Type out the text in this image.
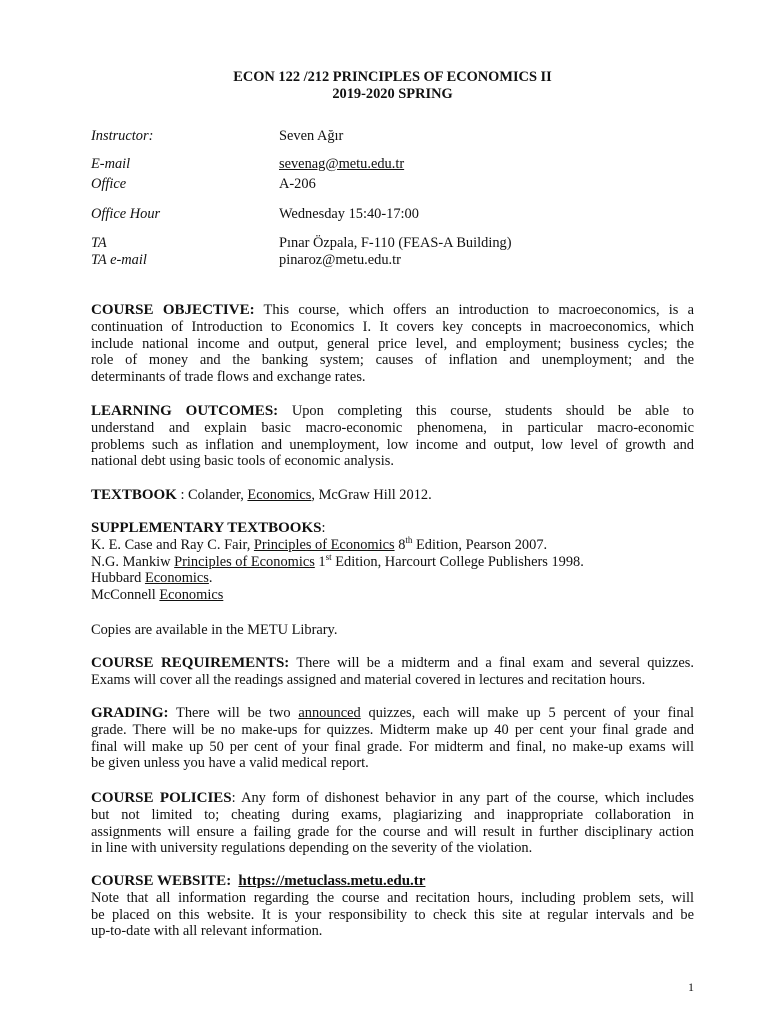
ECON 122 /212 PRINCIPLES OF ECONOMICS II
2019-2020 SPRING
Instructor:	Seven Ağır
E-mail	sevenag@metu.edu.tr
Office	A-206
Office Hour	Wednesday 15:40-17:00
TA	Pınar Özpala, F-110 (FEAS-A Building)
TA e-mail	pinaroz@metu.edu.tr
COURSE OBJECTIVE: This course, which offers an introduction to macroeconomics, is a
continuation of Introduction to Economics I. It covers key concepts in macroeconomics, which
include national income and output, general price level, and employment; business cycles; the
role of money and the banking system; causes of inflation and unemployment; and the
determinants of trade flows and exchange rates.
LEARNING OUTCOMES: Upon completing this course, students should be able to
understand and explain basic macro-economic phenomena, in particular macro-economic
problems such as inflation and unemployment, low income and output, low level of growth and
national debt using basic tools of economic analysis.
TEXTBOOK : Colander, Economics, McGraw Hill 2012.
SUPPLEMENTARY TEXTBOOKS:
K. E. Case and Ray C. Fair, Principles of Economics 8th Edition, Pearson 2007.
N.G. Mankiw Principles of Economics 1st Edition, Harcourt College Publishers 1998.
Hubbard Economics.
McConnell Economics
Copies are available in the METU Library.
COURSE REQUIREMENTS: There will be a midterm and a final exam and several quizzes.
Exams will cover all the readings assigned and material covered in lectures and recitation hours.
GRADING: There will be two announced quizzes, each will make up 5 percent of your final
grade. There will be no make-ups for quizzes. Midterm make up 40 per cent your final grade and
final will make up 50 per cent of your final grade. For midterm and final, no make-up exams will
be given unless you have a valid medical report.
COURSE POLICIES: Any form of dishonest behavior in any part of the course, which includes
but not limited to; cheating during exams, plagiarizing and inappropriate collaboration in
assignments will ensure a failing grade for the course and will result in further disciplinary action
in line with university regulations depending on the severity of the violation.
COURSE WEBSITE: https://metuclass.metu.edu.tr
Note that all information regarding the course and recitation hours, including problem sets, will
be placed on this website. It is your responsibility to check this site at regular intervals and be
up-to-date with all relevant information.
1
